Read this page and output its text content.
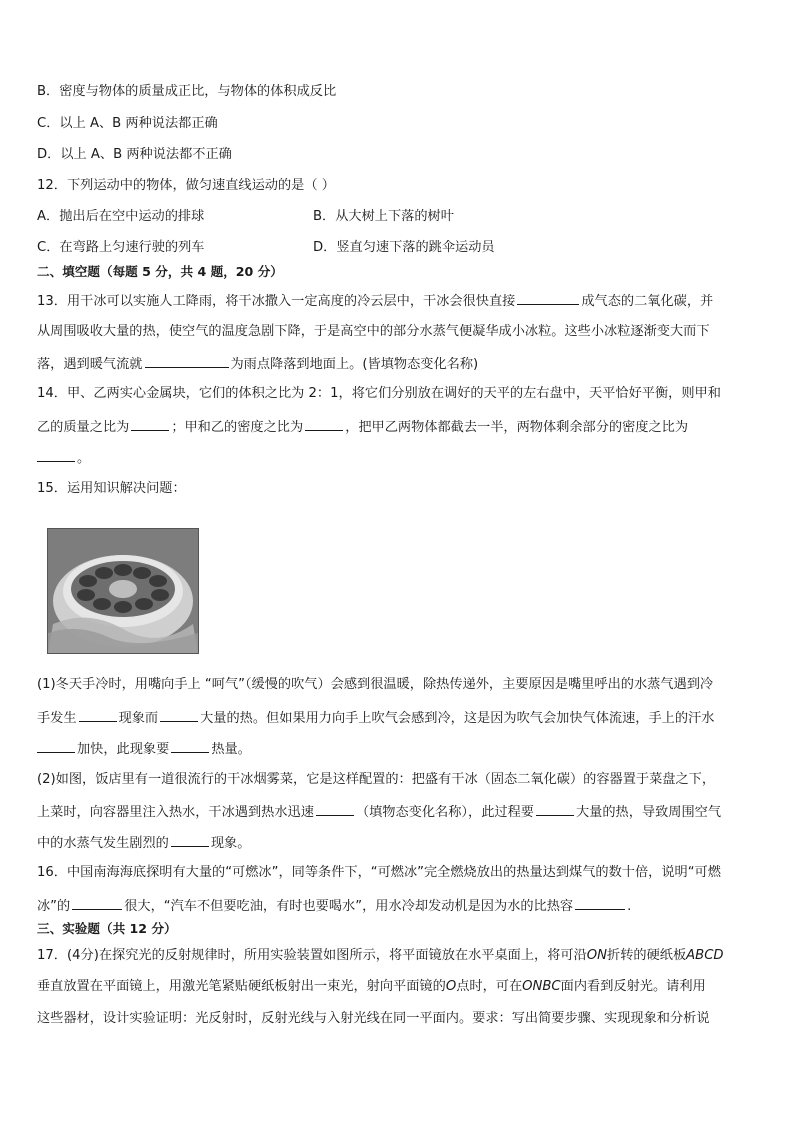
B．密度与物体的质量成正比，与物体的体积成反比
C．以上 A、B 两种说法都正确
D．以上 A、B 两种说法都不正确
12．下列运动中的物体，做匀速直线运动的是（ ）
A．抛出后在空中运动的排球	B．从大树上下落的树叶
C．在弯路上匀速行驶的列车	D．竖直匀速下落的跳伞运动员
二、填空题（每题 5 分，共 4 题，20 分）
13．用干冰可以实施人工降雨，将干冰撒入一定高度的冷云层中，干冰会很快直接	成气态的二氧化碳，并
从周围吸收大量的热，使空气的温度急剧下降，于是高空中的部分水蒸气便凝华成小冰粒。这些小冰粒逐渐变大而下
落，遇到暖气流就	为雨点降落到地面上。(皆填物态变化名称)
14．甲、乙两实心金属块，它们的体积之比为 2：1，将它们分别放在调好的天平的左右盘中，天平恰好平衡，则甲和
乙的质量之比为	；甲和乙的密度之比为	，把甲乙两物体都截去一半，两物体剩余部分的密度之比为
。
15．运用知识解决问题：
(1)冬天手冷时，用嘴向手上 “呵气”（缓慢的吹气）会感到很温暖，除热传递外，主要原因是嘴里呼出的水蒸气遇到冷
手发生	现象而	大量的热。但如果用力向手上吹气会感到冷，这是因为吹气会加快气体流速，手上的汗水
加快，此现象要	热量。
(2)如图，饭店里有一道很流行的干冰烟雾菜，它是这样配置的：把盛有干冰（固态二氧化碳）的容器置于菜盘之下，
上菜时，向容器里注入热水，干冰遇到热水迅速	（填物态变化名称），此过程要	大量的热，导致周围空气
中的水蒸气发生剧烈的	现象。
16．中国南海海底探明有大量的“可燃冰”，同等条件下，“可燃冰”完全燃烧放出的热量达到煤气的数十倍，说明“可燃
冰”的	很大，“汽车不但要吃油，有时也要喝水”，用水冷却发动机是因为水的比热容	.
三、实验题（共 12 分）
17．(4分)在探究光的反射规律时，所用实验装置如图所示，将平面镜放在水平桌面上，将可沿ON折转的硬纸板ABCD
垂直放置在平面镜上，用激光笔紧贴硬纸板射出一束光，射向平面镜的O点时，可在ONBC面内看到反射光。请利用
这些器材，设计实验证明：光反射时，反射光线与入射光线在同一平面内。要求：写出简要步骤、实现现象和分析说
